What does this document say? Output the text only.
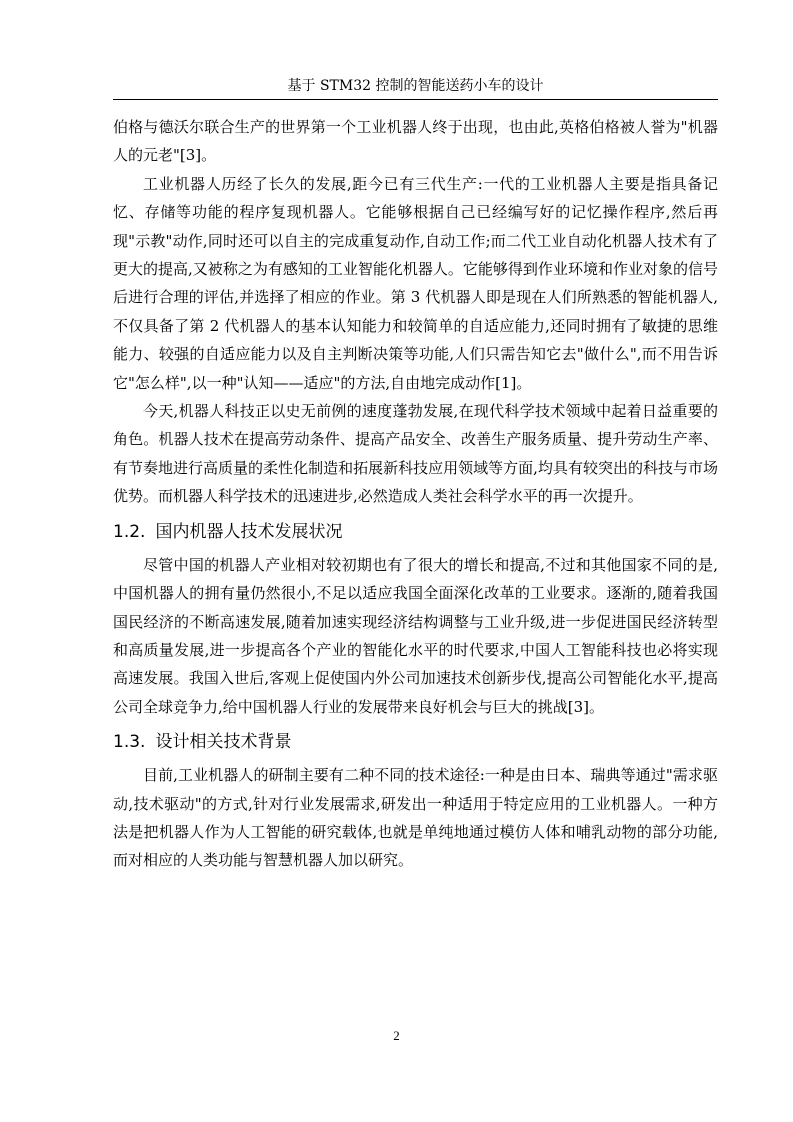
基于 STM32 控制的智能送药小车的设计

伯格与德沃尔联合生产的世界第一个工业机器人终于出现，也由此,英格伯格被人誉为"机器人的元老"[3]。

工业机器人历经了长久的发展,距今已有三代生产:一代的工业机器人主要是指具备记忆、存储等功能的程序复现机器人。它能够根据自己已经编写好的记忆操作程序,然后再现"示教"动作,同时还可以自主的完成重复动作,自动工作;而二代工业自动化机器人技术有了更大的提高,又被称之为有感知的工业智能化机器人。它能够得到作业环境和作业对象的信号后进行合理的评估,并选择了相应的作业。第 3 代机器人即是现在人们所熟悉的智能机器人,不仅具备了第 2 代机器人的基本认知能力和较简单的自适应能力,还同时拥有了敏捷的思维能力、较强的自适应能力以及自主判断决策等功能,人们只需告知它去"做什么",而不用告诉它"怎么样",以一种"认知——适应"的方法,自由地完成动作[1]。

今天,机器人科技正以史无前例的速度蓬勃发展,在现代科学技术领域中起着日益重要的角色。机器人技术在提高劳动条件、提高产品安全、改善生产服务质量、提升劳动生产率、有节奏地进行高质量的柔性化制造和拓展新科技应用领域等方面,均具有较突出的科技与市场优势。而机器人科学技术的迅速进步,必然造成人类社会科学水平的再一次提升。

1.2. 国内机器人技术发展状况

尽管中国的机器人产业相对较初期也有了很大的增长和提高,不过和其他国家不同的是,中国机器人的拥有量仍然很小,不足以适应我国全面深化改革的工业要求。逐渐的,随着我国国民经济的不断高速发展,随着加速实现经济结构调整与工业升级,进一步促进国民经济转型和高质量发展,进一步提高各个产业的智能化水平的时代要求,中国人工智能科技也必将实现高速发展。我国入世后,客观上促使国内外公司加速技术创新步伐,提高公司智能化水平,提高公司全球竞争力,给中国机器人行业的发展带来良好机会与巨大的挑战[3]。

1.3. 设计相关技术背景

目前,工业机器人的研制主要有二种不同的技术途径:一种是由日本、瑞典等通过"需求驱动,技术驱动"的方式,针对行业发展需求,研发出一种适用于特定应用的工业机器人。一种方法是把机器人作为人工智能的研究载体,也就是单纯地通过模仿人体和哺乳动物的部分功能,而对相应的人类功能与智慧机器人加以研究。

2
